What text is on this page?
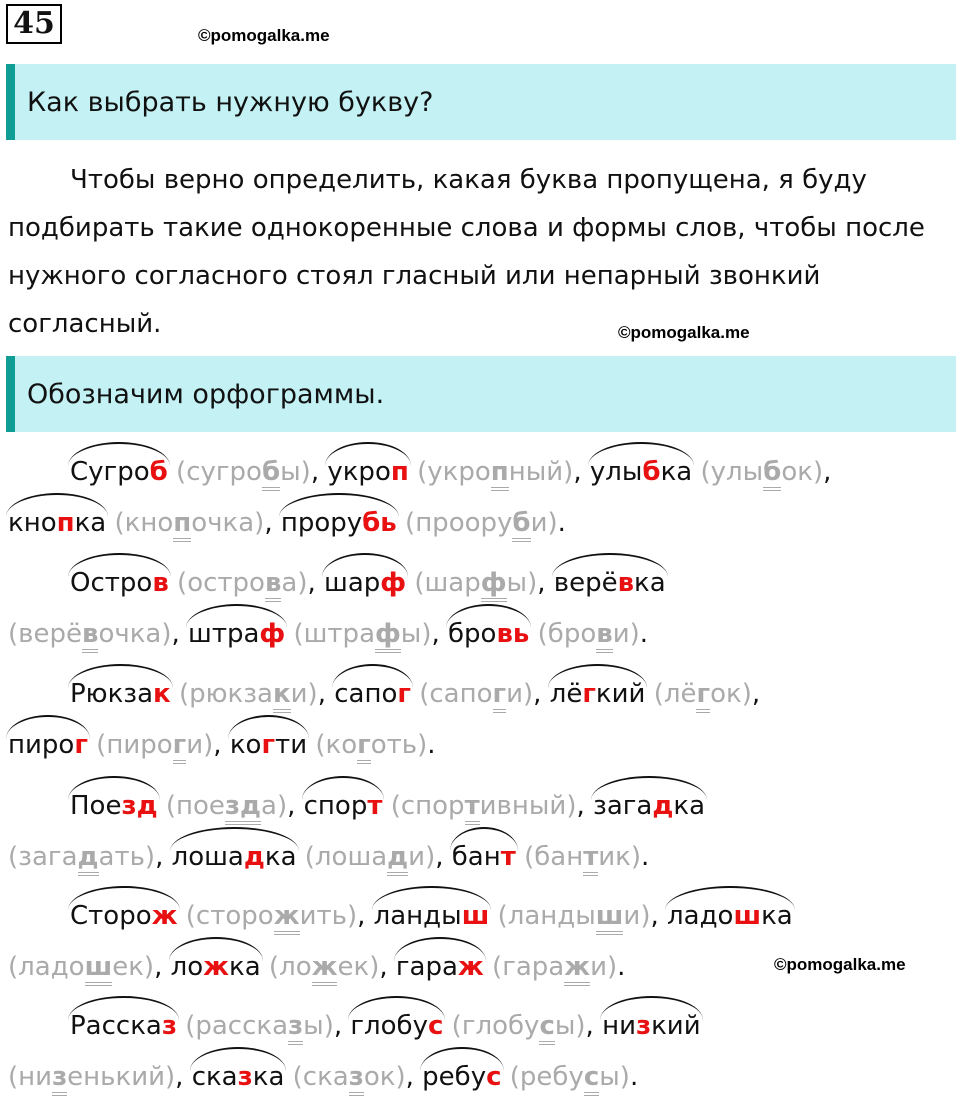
45	©pomogalka.me
Как выбрать нужную букву?

Чтобы верно определить, какая буква пропущена, я буду подбирать такие однокоренные слова и формы слов, чтобы после нужного согласного стоял гласный или непарный звонкий согласный.	©pomogalka.me
Обозначим орфограммы.
Сугроб (сугробы),
укроп (укропный),
улыбка (улыбок),
кнопка (кнопочка),
прорубь (прооруби).
Остров (острова),
шарф (шарфы),
верёвка
(верёвочка),
штраф (штрафы),
бровь (брови).
Рюкзак (рюкзаки),
сапог (сапоги),
лёгкий (лёгок),
пирог (пироги),
когти (коготь).
Поезд (поезда),
спорт (спортивный),
загадка
(загадать),
лошадка (лошади),
бант (бантик).
Сторож (сторожить),
ландыш (ландыши),
ладошка
(ладошек),
ложка (ложек),
гараж (гаражи).
Рассказ (рассказы),
глобус (глобусы),
низкий
(низенький),
сказка (сказок),
ребус (ребусы).
©pomogalka.me
